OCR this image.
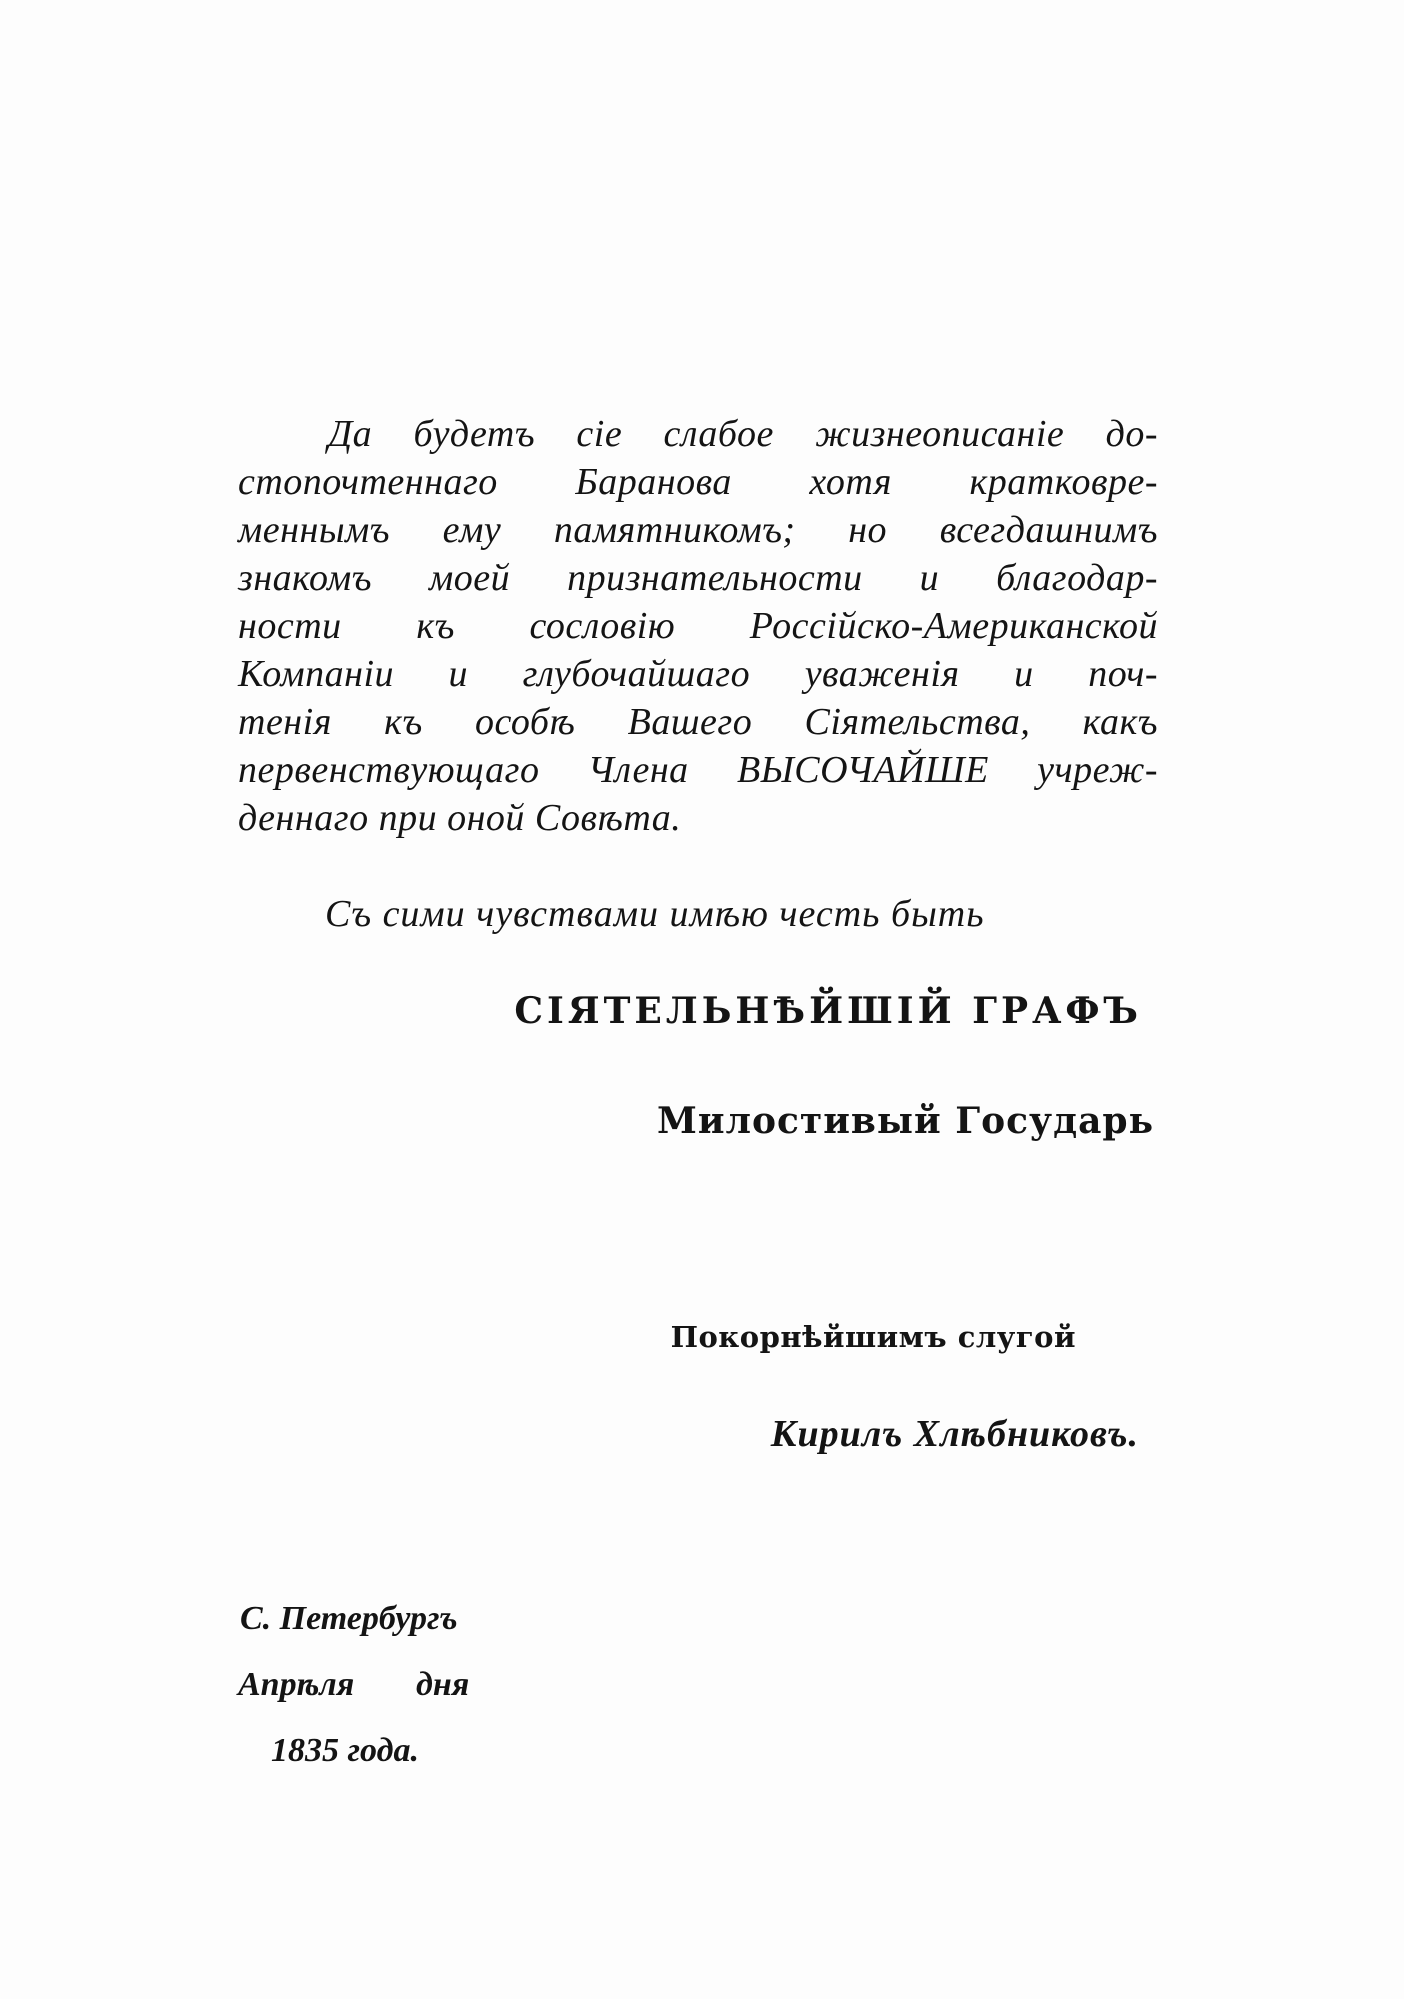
Да будетъ сіе слабое жизнеописаніе до-
стопочтеннаго Баранова хотя кратковре-
меннымъ ему памятникомъ; но всегдашнимъ
знакомъ моей признательности и благодар-
ности къ сословію Россійско-Американской
Компаніи и глубочайшаго уваженія и поч-
тенія къ особѣ Вашего Сіятельства, какъ
первенствующаго Члена ВЫСОЧАЙШЕ учреж-
деннаго при оной Совѣта.
Съ сими чувствами имѣю честь быть
СІЯТЕЛЬНѢЙШІЙ ГРАФЪ
Милостивый Государь
Покорнѣйшимъ слугой
Кирилъ Хлѣбниковъ.
С. Петербургъ
Апрѣля дня
1835 года.
